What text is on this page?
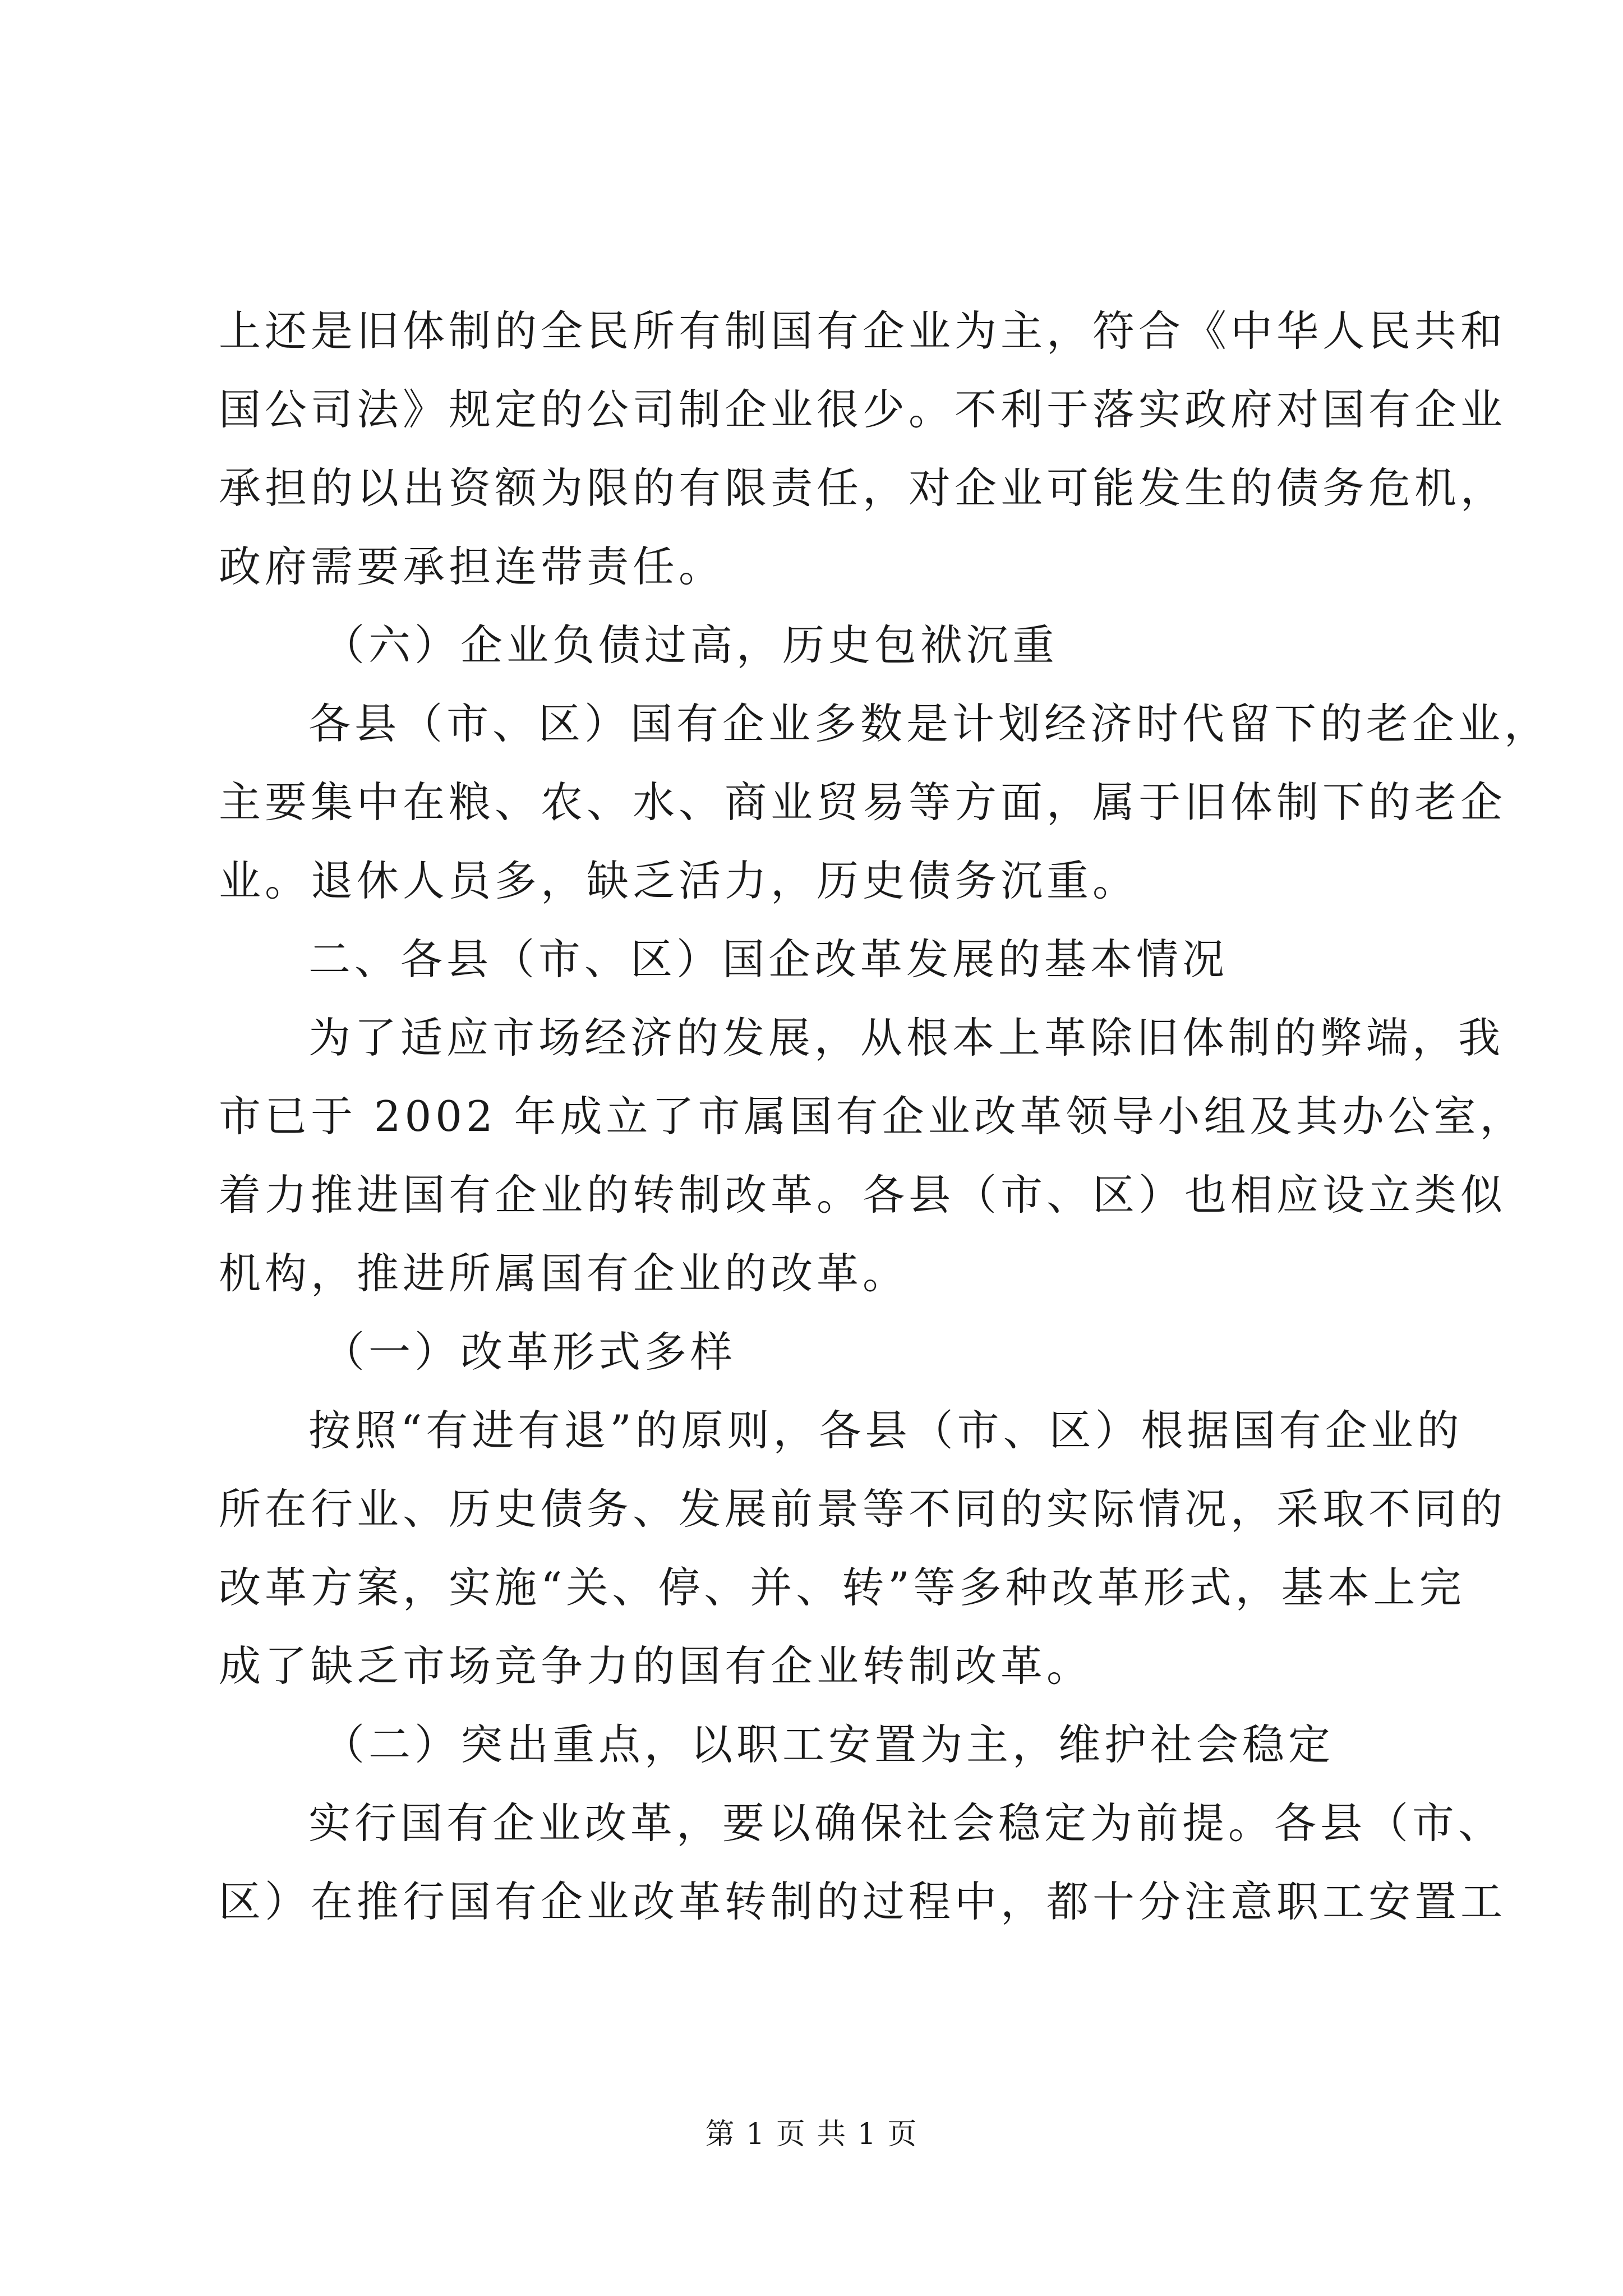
上还是旧体制的全民所有制国有企业为主，符合《中华人民共和
国公司法》规定的公司制企业很少。不利于落实政府对国有企业
承担的以出资额为限的有限责任，对企业可能发生的债务危机，
政府需要承担连带责任。
（六）企业负债过高，历史包袱沉重
各县（市、区）国有企业多数是计划经济时代留下的老企业，
主要集中在粮、农、水、商业贸易等方面，属于旧体制下的老企
业。退休人员多，缺乏活力，历史债务沉重。
二、各县（市、区）国企改革发展的基本情况
为了适应市场经济的发展，从根本上革除旧体制的弊端，我
市已于 2002 年成立了市属国有企业改革领导小组及其办公室，
着力推进国有企业的转制改革。各县（市、区）也相应设立类似
机构，推进所属国有企业的改革。
（一）改革形式多样
按照“有进有退”的原则，各县（市、区）根据国有企业的
所在行业、历史债务、发展前景等不同的实际情况，采取不同的
改革方案，实施“关、停、并、转”等多种改革形式，基本上完
成了缺乏市场竞争力的国有企业转制改革。
（二）突出重点，以职工安置为主，维护社会稳定
实行国有企业改革，要以确保社会稳定为前提。各县（市、
区）在推行国有企业改革转制的过程中，都十分注意职工安置工
第 1 页 共 1 页
